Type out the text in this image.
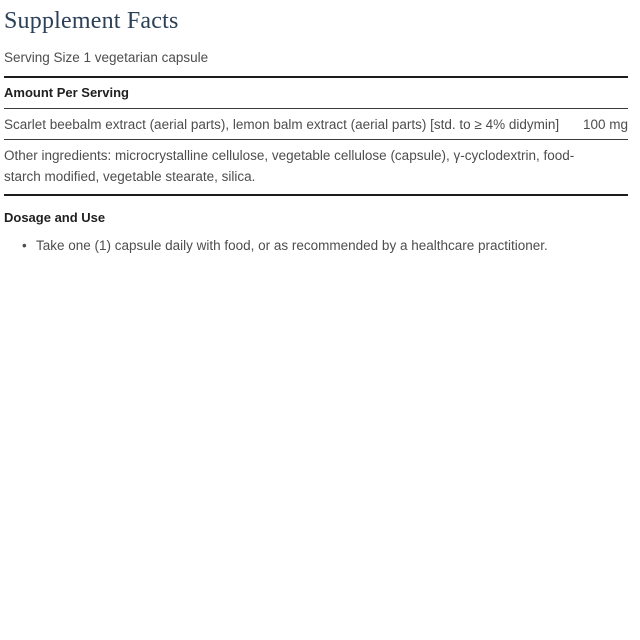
Supplement Facts
Serving Size 1 vegetarian capsule
Amount Per Serving
Scarlet beebalm extract (aerial parts), lemon balm extract (aerial parts) [std. to ≥ 4% didymin]	100 mg

Other ingredients: microcrystalline cellulose, vegetable cellulose (capsule), γ-cyclodextrin, food-starch modified, vegetable stearate, silica.

Dosage and Use
• Take one (1) capsule daily with food, or as recommended by a healthcare practitioner.
